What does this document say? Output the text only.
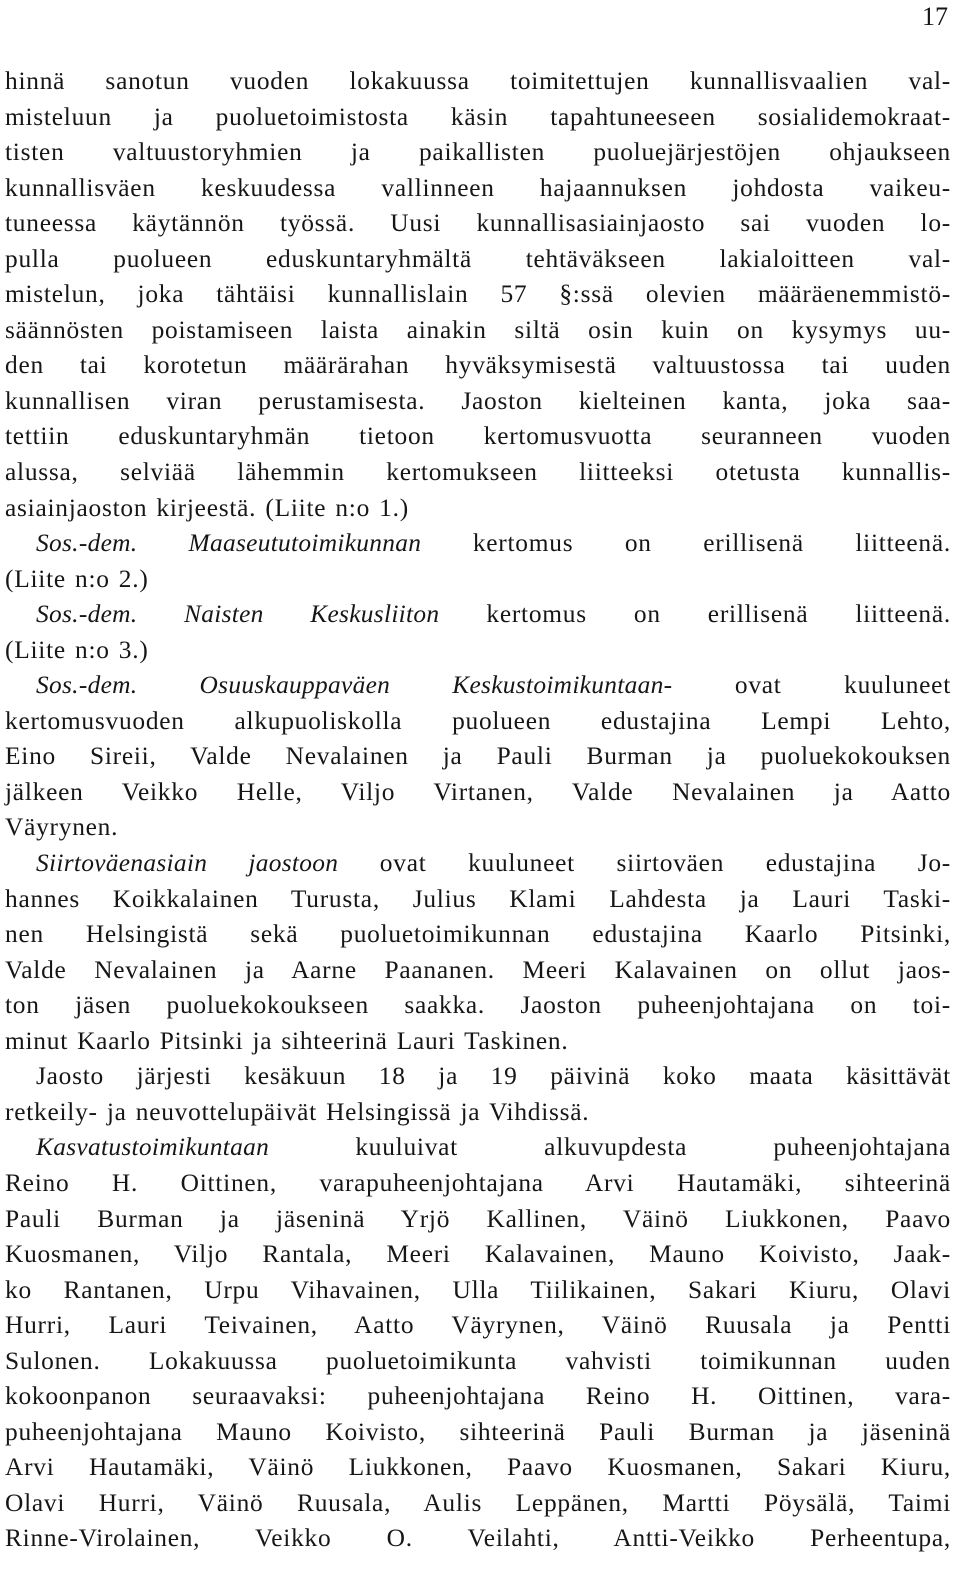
17
hinnä sanotun vuoden lokakuussa toimitettujen kunnallisvaalien val-
misteluun ja puoluetoimistosta käsin tapahtuneeseen sosialidemokraat-
tisten valtuustoryhmien ja paikallisten puoluejärjestöjen ohjaukseen
kunnallisväen keskuudessa vallinneen hajaannuksen johdosta vaikeu-
tuneessa käytännön työssä. Uusi kunnallisasiainjaosto sai vuoden lo-
pulla puolueen eduskuntaryhmältä tehtäväkseen lakialoitteen val-
mistelun, joka tähtäisi kunnallislain 57 §:ssä olevien määräenemmistö-
säännösten poistamiseen laista ainakin siltä osin kuin on kysymys uu-
den tai korotetun määrärahan hyväksymisestä valtuustossa tai uuden
kunnallisen viran perustamisesta. Jaoston kielteinen kanta, joka saa-
tettiin eduskuntaryhmän tietoon kertomusvuotta seuranneen vuoden
alussa, selviää lähemmin kertomukseen liitteeksi otetusta kunnallis-
asiainjaoston kirjeestä. (Liite n:o 1.)
Sos.-dem. Maaseututoimikunnan kertomus on erillisenä liitteenä.
(Liite n:o 2.)
Sos.-dem. Naisten Keskusliiton kertomus on erillisenä liitteenä.
(Liite n:o 3.)
Sos.-dem. Osuuskauppaväen Keskustoimikuntaan- ovat kuuluneet
kertomusvuoden alkupuoliskolla puolueen edustajina Lempi Lehto,
Eino Sireii, Valde Nevalainen ja Pauli Burman ja puoluekokouksen
jälkeen Veikko Helle, Viljo Virtanen, Valde Nevalainen ja Aatto
Väyrynen.
Siirtoväenasiain jaostoon ovat kuuluneet siirtoväen edustajina Jo-
hannes Koikkalainen Turusta, Julius Klami Lahdesta ja Lauri Taski-
nen Helsingistä sekä puoluetoimikunnan edustajina Kaarlo Pitsinki,
Valde Nevalainen ja Aarne Paananen. Meeri Kalavainen on ollut jaos-
ton jäsen puoluekokoukseen saakka. Jaoston puheenjohtajana on toi-
minut Kaarlo Pitsinki ja sihteerinä Lauri Taskinen.
Jaosto järjesti kesäkuun 18 ja 19 päivinä koko maata käsittävät
retkeily- ja neuvottelupäivät Helsingissä ja Vihdissä.
Kasvatustoimikuntaan kuuluivat alkuvupdesta puheenjohtajana
Reino H. Oittinen, varapuheenjohtajana Arvi Hautamäki, sihteerinä
Pauli Burman ja jäseninä Yrjö Kallinen, Väinö Liukkonen, Paavo
Kuosmanen, Viljo Rantala, Meeri Kalavainen, Mauno Koivisto, Jaak-
ko Rantanen, Urpu Vihavainen, Ulla Tiilikainen, Sakari Kiuru, Olavi
Hurri, Lauri Teivainen, Aatto Väyrynen, Väinö Ruusala ja Pentti
Sulonen. Lokakuussa puoluetoimikunta vahvisti toimikunnan uuden
kokoonpanon seuraavaksi: puheenjohtajana Reino H. Oittinen, vara-
puheenjohtajana Mauno Koivisto, sihteerinä Pauli Burman ja jäseninä
Arvi Hautamäki, Väinö Liukkonen, Paavo Kuosmanen, Sakari Kiuru,
Olavi Hurri, Väinö Ruusala, Aulis Leppänen, Martti Pöysälä, Taimi
Rinne-Virolainen, Veikko O. Veilahti, Antti-Veikko Perheentupa,
